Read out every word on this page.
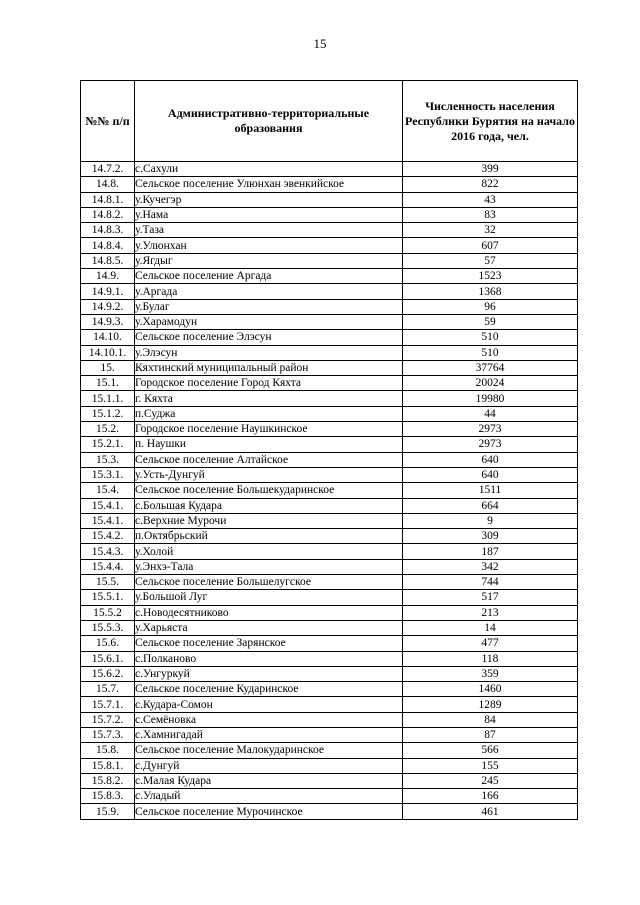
15
№№ п/п	Административно-территориальные образования	Численность населения Республики Бурятия на начало 2016 года, чел.
14.7.2.	с.Сахули	399
14.8.	Сельское поселение Улюнхан эвенкийское	822
14.8.1.	у.Кучегэр	43
14.8.2.	у.Нама	83
14.8.3.	у.Таза	32
14.8.4.	у.Улюнхан	607
14.8.5.	у.Ягдыг	57
14.9.	Сельское поселение Аргада	1523
14.9.1.	у.Аргада	1368
14.9.2.	у.Булаг	96
14.9.3.	у.Харамодун	59
14.10.	Сельское поселение Элэсун	510
14.10.1.	у.Элэсун	510
15.	Кяхтинский муниципальный район	37764
15.1.	Городское поселение Город Кяхта	20024
15.1.1.	г. Кяхта	19980
15.1.2.	п.Суджа	44
15.2.	Городское поселение Наушкинское	2973
15.2.1.	п. Наушки	2973
15.3.	Сельское поселение Алтайское	640
15.3.1.	у.Усть-Дунгуй	640
15.4.	Сельское поселение Большекударинское	1511
15.4.1.	с.Большая Кудара	664
15.4.1.	с.Верхние Мурочи	9
15.4.2.	п.Октябрьский	309
15.4.3.	у.Холой	187
15.4.4.	у.Энхэ-Тала	342
15.5.	Сельское поселение Большелугское	744
15.5.1.	у.Большой Луг	517
15.5.2	с.Новодесятниково	213
15.5.3.	у.Харьяста	14
15.6.	Сельское поселение Зарянское	477
15.6.1.	с.Полканово	118
15.6.2.	с.Унгуркуй	359
15.7.	Сельское поселение Кударинское	1460
15.7.1.	с.Кудара-Сомон	1289
15.7.2.	с.Семёновка	84
15.7.3.	с.Хамнигадай	87
15.8.	Сельское поселение Малокударинское	566
15.8.1.	с.Дунгуй	155
15.8.2.	с.Малая Кудара	245
15.8.3.	с.Уладый	166
15.9.	Сельское поселение Мурочинское	461
